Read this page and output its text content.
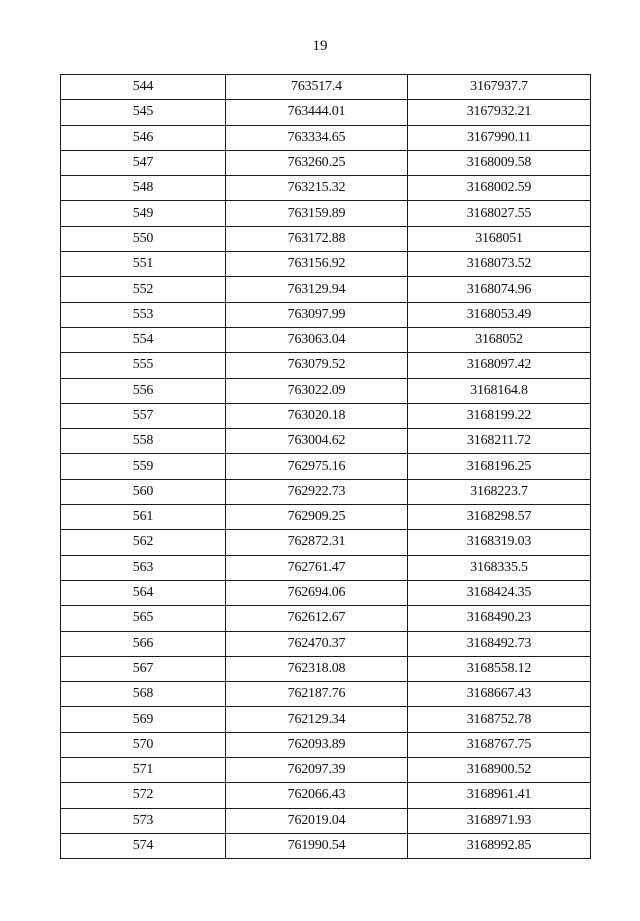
19
544	763517.4	3167937.7
545	763444.01	3167932.21
546	763334.65	3167990.11
547	763260.25	3168009.58
548	763215.32	3168002.59
549	763159.89	3168027.55
550	763172.88	3168051
551	763156.92	3168073.52
552	763129.94	3168074.96
553	763097.99	3168053.49
554	763063.04	3168052
555	763079.52	3168097.42
556	763022.09	3168164.8
557	763020.18	3168199.22
558	763004.62	3168211.72
559	762975.16	3168196.25
560	762922.73	3168223.7
561	762909.25	3168298.57
562	762872.31	3168319.03
563	762761.47	3168335.5
564	762694.06	3168424.35
565	762612.67	3168490.23
566	762470.37	3168492.73
567	762318.08	3168558.12
568	762187.76	3168667.43
569	762129.34	3168752.78
570	762093.89	3168767.75
571	762097.39	3168900.52
572	762066.43	3168961.41
573	762019.04	3168971.93
574	761990.54	3168992.85
